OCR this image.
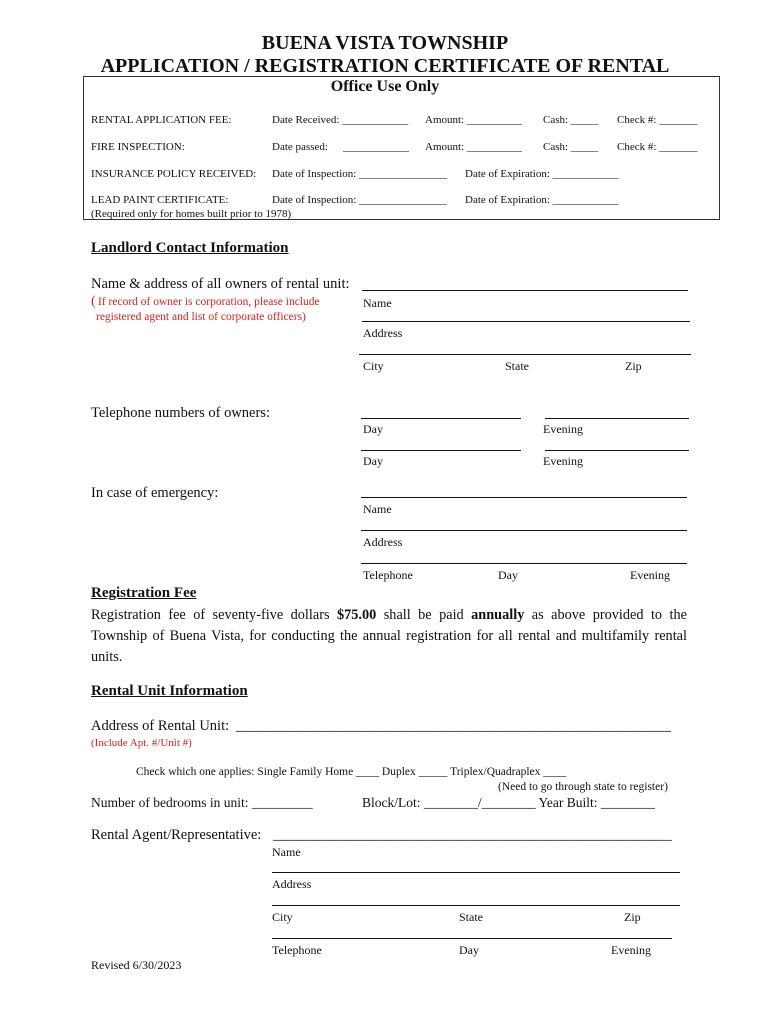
BUENA VISTA TOWNSHIP
APPLICATION / REGISTRATION CERTIFICATE OF RENTAL
Office Use Only
RENTAL APPLICATION FEE:	Date Received: ____________ Amount: __________ Cash: _____ Check #: _______
FIRE INSPECTION:	Date passed: ____________ Amount: __________ Cash: _____ Check #: _______
INSURANCE POLICY RECEIVED: Date of Inspection: ________________ Date of Expiration: ____________
LEAD PAINT CERTIFICATE:	Date of Inspection: ________________ Date of Expiration: ____________
(Required only for homes built prior to 1978)
Landlord Contact Information
Name & address of all owners of rental unit:
( If record of owner is corporation, please include
registered agent and list of corporate officers)
Name
Address
City	State	Zip
Telephone numbers of owners:
Day	Evening
Day	Evening
In case of emergency:
Name
Address
Telephone	Day	Evening
Registration Fee
Registration fee of seventy-five dollars $75.00 shall be paid annually as above provided to the Township of Buena Vista, for conducting the annual registration for all rental and multifamily rental units.
Rental Unit Information
Address of Rental Unit: ____________________________________________________________
(Include Apt. #/Unit #)
Check which one applies: Single Family Home ____ Duplex _____ Triplex/Quadraplex ____
(Need to go through state to register)
Number of bedrooms in unit: _________	Block/Lot: ________/________ Year Built: ________
Rental Agent/Representative: _______________________________________________________
Name
Address
City	State	Zip
Telephone	Day	Evening
Revised 6/30/2023
